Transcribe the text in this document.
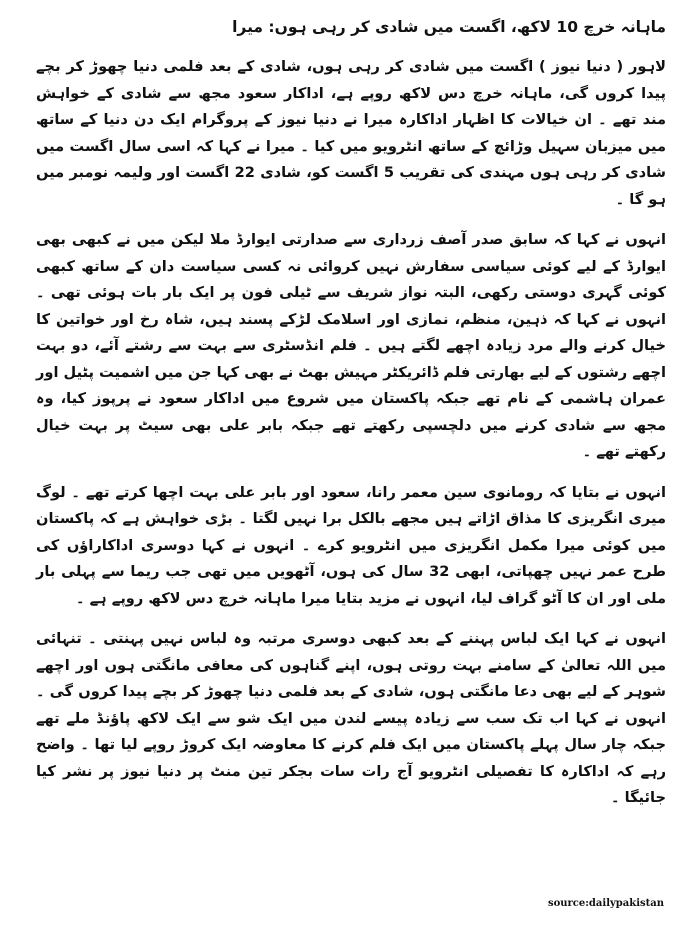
ماہانہ خرچ 10 لاکھ، اگست میں شادی کر رہی ہوں: میرا

لاہور ( دنیا نیوز ) اگست میں شادی کر رہی ہوں، شادی کے بعد فلمی دنیا چھوڑ کر بچے پیدا کروں گی، ماہانہ خرچ دس لاکھ روپے ہے، اداکار سعود مجھ سے شادی کے خواہش مند تھے ۔ ان خیالات کا اظہار اداکارہ میرا نے دنیا نیوز کے پروگرام ایک دن دنیا کے ساتھ میں میزبان سہیل وڑائچ کے ساتھ انٹرویو میں کیا ۔ میرا نے کہا کہ اسی سال اگست میں شادی کر رہی ہوں مہندی کی تقریب 5 اگست کو، شادی 22 اگست اور ولیمہ نومبر میں ہو گا ۔

انہوں نے کہا کہ سابق صدر آصف زرداری سے صدارتی ایوارڈ ملا لیکن میں نے کبھی بھی ایوارڈ کے لیے کوئی سیاسی سفارش نہیں کروائی نہ کسی سیاست دان کے ساتھ کبھی کوئی گہری دوستی رکھی، البتہ نواز شریف سے ٹیلی فون پر ایک بار بات ہوئی تھی ۔ انہوں نے کہا کہ ذہین، منظم، نمازی اور اسلامک لڑکے پسند ہیں، شاہ رخ اور خواتین کا خیال کرنے والے مرد زیادہ اچھے لگتے ہیں ۔ فلم انڈسٹری سے بہت سے رشتے آئے، دو بہت اچھے رشتوں کے لیے بھارتی فلم ڈائریکٹر مہیش بھٹ نے بھی کہا جن میں اشمیت پٹیل اور عمران ہاشمی کے نام تھے جبکہ پاکستان میں شروع میں اداکار سعود نے پرپوز کیا، وہ مجھ سے شادی کرنے میں دلچسپی رکھتے تھے جبکہ بابر علی بھی سیٹ پر بہت خیال رکھتے تھے ۔

انہوں نے بتایا کہ رومانوی سین معمر رانا، سعود اور بابر علی بہت اچھا کرتے تھے ۔ لوگ میری انگریزی کا مذاق اڑاتے ہیں مجھے بالکل برا نہیں لگتا ۔ بڑی خواہش ہے کہ پاکستان میں کوئی میرا مکمل انگریزی میں انٹرویو کرے ۔ انہوں نے کہا دوسری اداکاراؤں کی طرح عمر نہیں چھپاتی، ابھی 32 سال کی ہوں، آٹھویں میں تھی جب ریما سے پہلی بار ملی اور ان کا آٹو گراف لیا، انہوں نے مزید بتایا میرا ماہانہ خرچ دس لاکھ روپے ہے ۔

انہوں نے کہا ایک لباس پہننے کے بعد کبھی دوسری مرتبہ وہ لباس نہیں پہنتی ۔ تنہائی میں اللہ تعالیٰ کے سامنے بہت روتی ہوں، اپنے گناہوں کی معافی مانگتی ہوں اور اچھے شوہر کے لیے بھی دعا مانگتی ہوں، شادی کے بعد فلمی دنیا چھوڑ کر بچے پیدا کروں گی ۔ انہوں نے کہا اب تک سب سے زیادہ پیسے لندن میں ایک شو سے ایک لاکھ پاؤنڈ ملے تھے جبکہ چار سال پہلے پاکستان میں ایک فلم کرنے کا معاوضہ ایک کروڑ روپے لیا تھا ۔ واضح رہے کہ اداکارہ کا تفصیلی انٹرویو آج رات سات بجکر تین منٹ پر دنیا نیوز پر نشر کیا جائیگا ۔

source:dailypakistan
